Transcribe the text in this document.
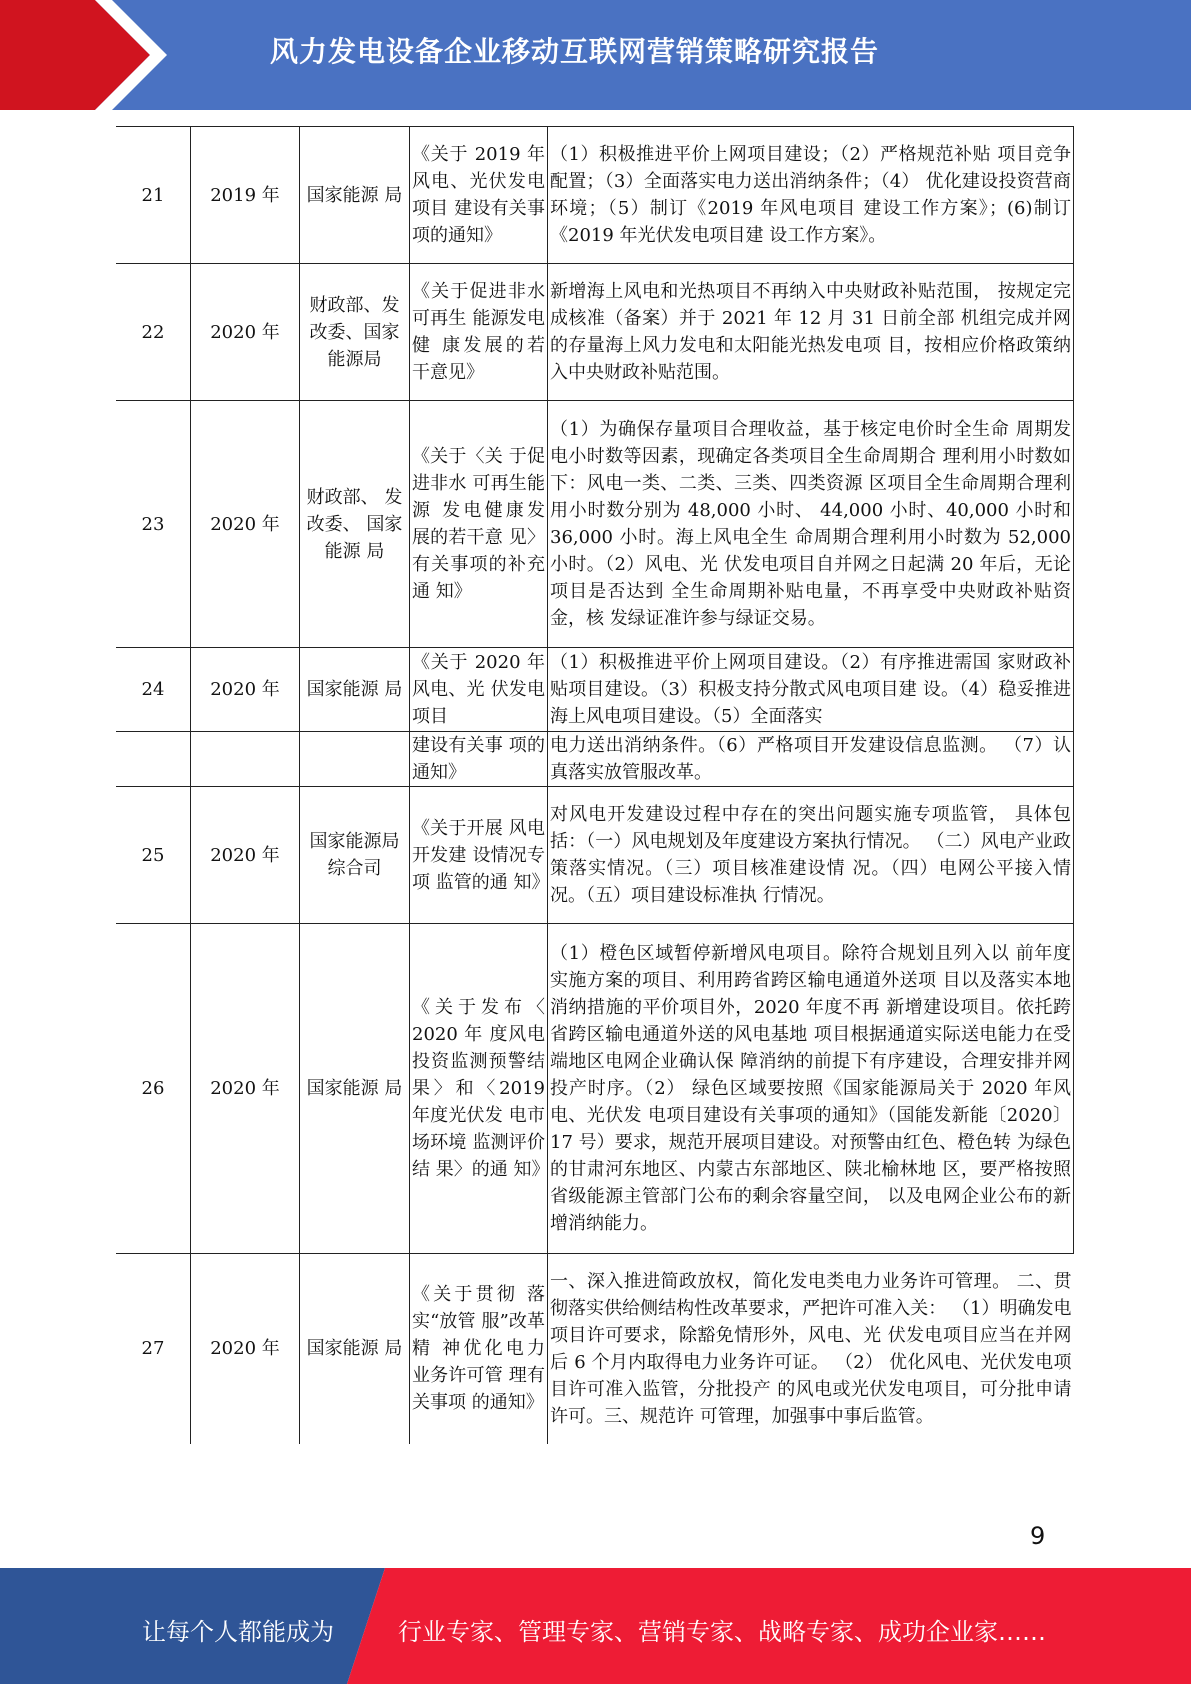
风力发电设备企业移动互联网营销策略研究报告
21	2019 年	国家能源 局	《关于 2019 年风电、光伏发电项目 建设有关事 项的通知》	（1）积极推进平价上网项目建设；（2）严格规范补贴 项目竞争配置；（3）全面落实电力送出消纳条件；（4） 优化建设投资营商环境；（5）制订《2019 年风电项目 建设工作方案》；(6)制订《2019 年光伏发电项目建 设工作方案》。
22	2020 年	财政部、发改委、国家能源局	《关于促进非水可再生 能源发电健 康发展的若 干意见》	新增海上风电和光热项目不再纳入中央财政补贴范围， 按规定完成核准（备案）并于 2021 年 12 月 31 日前全部 机组完成并网的存量海上风力发电和太阳能光热发电项 目，按相应价格政策纳入中央财政补贴范围。
23	2020 年	财政部、 发改委、 国家能源 局	《关于〈关 于促进非水 可再生能源 发电健康发 展的若干意 见〉有关事项的补充通 知》	（1）为确保存量项目合理收益，基于核定电价时全生命 周期发电小时数等因素，现确定各类项目全生命周期合 理利用小时数如下：风电一类、二类、三类、四类资源 区项目全生命周期合理利用小时数分别为 48,000 小时、 44,000 小时、40,000 小时和 36,000 小时。海上风电全生 命周期合理利用小时数为 52,000 小时。（2）风电、光 伏发电项目自并网之日起满 20 年后，无论项目是否达到 全生命周期补贴电量，不再享受中央财政补贴资金，核 发绿证准许参与绿证交易。
24	2020 年	国家能源 局	《关于 2020 年风电、光 伏发电项目	（1）积极推进平价上网项目建设。（2）有序推进需国 家财政补贴项目建设。（3）积极支持分散式风电项目建 设。（4）稳妥推进海上风电项目建设。（5）全面落实
			建设有关事 项的通知》	电力送出消纳条件。（6）严格项目开发建设信息监测。 （7）认真落实放管服改革。
25	2020 年	国家能源局综合司	《关于开展 风电开发建 设情况专项 监管的通 知》	对风电开发建设过程中存在的突出问题实施专项监管， 具体包括：（一）风电规划及年度建设方案执行情况。 （二）风电产业政策落实情况。（三）项目核准建设情 况。（四）电网公平接入情况。（五）项目建设标准执 行情况。
26	2020 年	国家能源 局	《关于发布〈 2020 年 度风电投资监测预警结 果〉和〈2019 年度光伏发 电市场环境 监测评价结 果〉的通 知》	（1）橙色区域暂停新增风电项目。除符合规划且列入以 前年度实施方案的项目、利用跨省跨区输电通道外送项 目以及落实本地消纳措施的平价项目外，2020 年度不再 新增建设项目。依托跨省跨区输电通道外送的风电基地 项目根据通道实际送电能力在受端地区电网企业确认保 障消纳的前提下有序建设，合理安排并网投产时序。（2） 绿色区域要按照《国家能源局关于 2020 年风电、光伏发 电项目建设有关事项的通知》（国能发新能〔2020〕 17 号）要求，规范开展项目建设。对预警由红色、橙色转 为绿色的甘肃河东地区、内蒙古东部地区、陕北榆林地 区，要严格按照省级能源主管部门公布的剩余容量空间， 以及电网企业公布的新增消纳能力。
27	2020 年	国家能源 局	《关于贯彻 落实“放管 服”改革精 神优化电力 业务许可管 理有关事项 的通知》	一、深入推进简政放权，简化发电类电力业务许可管理。 二、贯彻落实供给侧结构性改革要求，严把许可准入关： （1）明确发电项目许可要求，除豁免情形外，风电、光 伏发电项目应当在并网后 6 个月内取得电力业务许可证。 （2） 优化风电、光伏发电项目许可准入监管，分批投产 的风电或光伏发电项目，可分批申请许可。三、规范许 可管理，加强事中事后监管。
9
让每个人都能成为	行业专家、管理专家、营销专家、战略专家、成功企业家……
